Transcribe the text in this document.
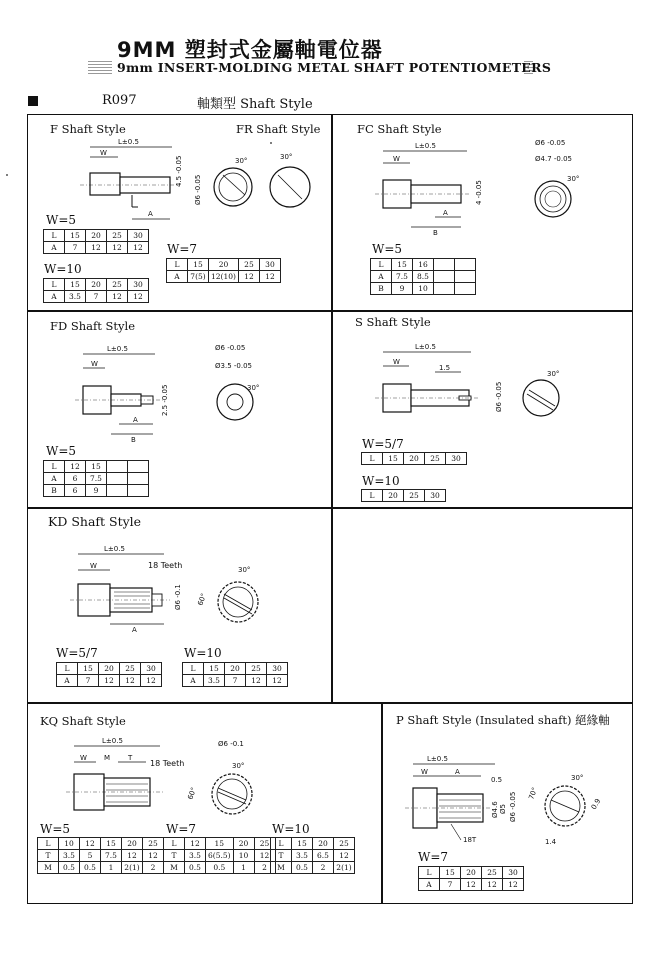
9MM 塑封式金屬軸電位器
9mm INSERT-MOLDING METAL SHAFT POTENTIOMETERS
R097	軸類型 Shaft Style
F Shaft Style	FR Shaft Style
L±0.5
W
A
4.5 -0.05
Ø6 -0.05
30°	30°
W=5
L	15	20	25	30
A	7	12	12	12
W=10
L	15	20	25	30
A	3.5	7	12	12
W=7
L	15	20	25	30
A	7(5)	12(10)	12	12
FC Shaft Style
L±0.5
W
A
B
4 -0.05
Ø6 -0.05
Ø4.7 -0.05
30°
W=5
L	15	16		
A	7.5	8.5		
B	9	10		
FD Shaft Style
L±0.5
W
A
B
2.5 -0.05
Ø6 -0.05
Ø3.5 -0.05
30°
W=5
L	12	15		
A	6	7.5		
B	6	9		
S Shaft Style
L±0.5
W
1.5
Ø6 -0.05
30°
W=5/7
L	15	20	25	30
W=10
L	20	25	30
KD Shaft Style
L±0.5
W	18 Teeth
A
Ø6 -0.1
30°
60°
W=5/7
L	15	20	25	30
A	7	12	12	12
W=10
L	15	20	25	30
A	3.5	7	12	12
KQ Shaft Style
L±0.5
W M	T
18 Teeth
Ø6 -0.1
30°
60°
W=5
L	10	12	15	20	25
T	3.5	5	7.5	12	12
M	0.5	0.5	1	2(1)	2
W=7
L	12	15	20	25
T	3.5	6(5.5)	10	12
M	0.5	0.5	1	2
W=10
L	15	20	25
T	3.5	6.5	12
M	0.5	2	2(1)
P Shaft Style (Insulated shaft) 絕緣軸
L±0.5
W	A
0.5
18T
Ø4.6 Ø5 Ø6 -0.05
30°
70°
0.9
1.4
W=7
L	15	20	25	30
A	7	12	12	12
